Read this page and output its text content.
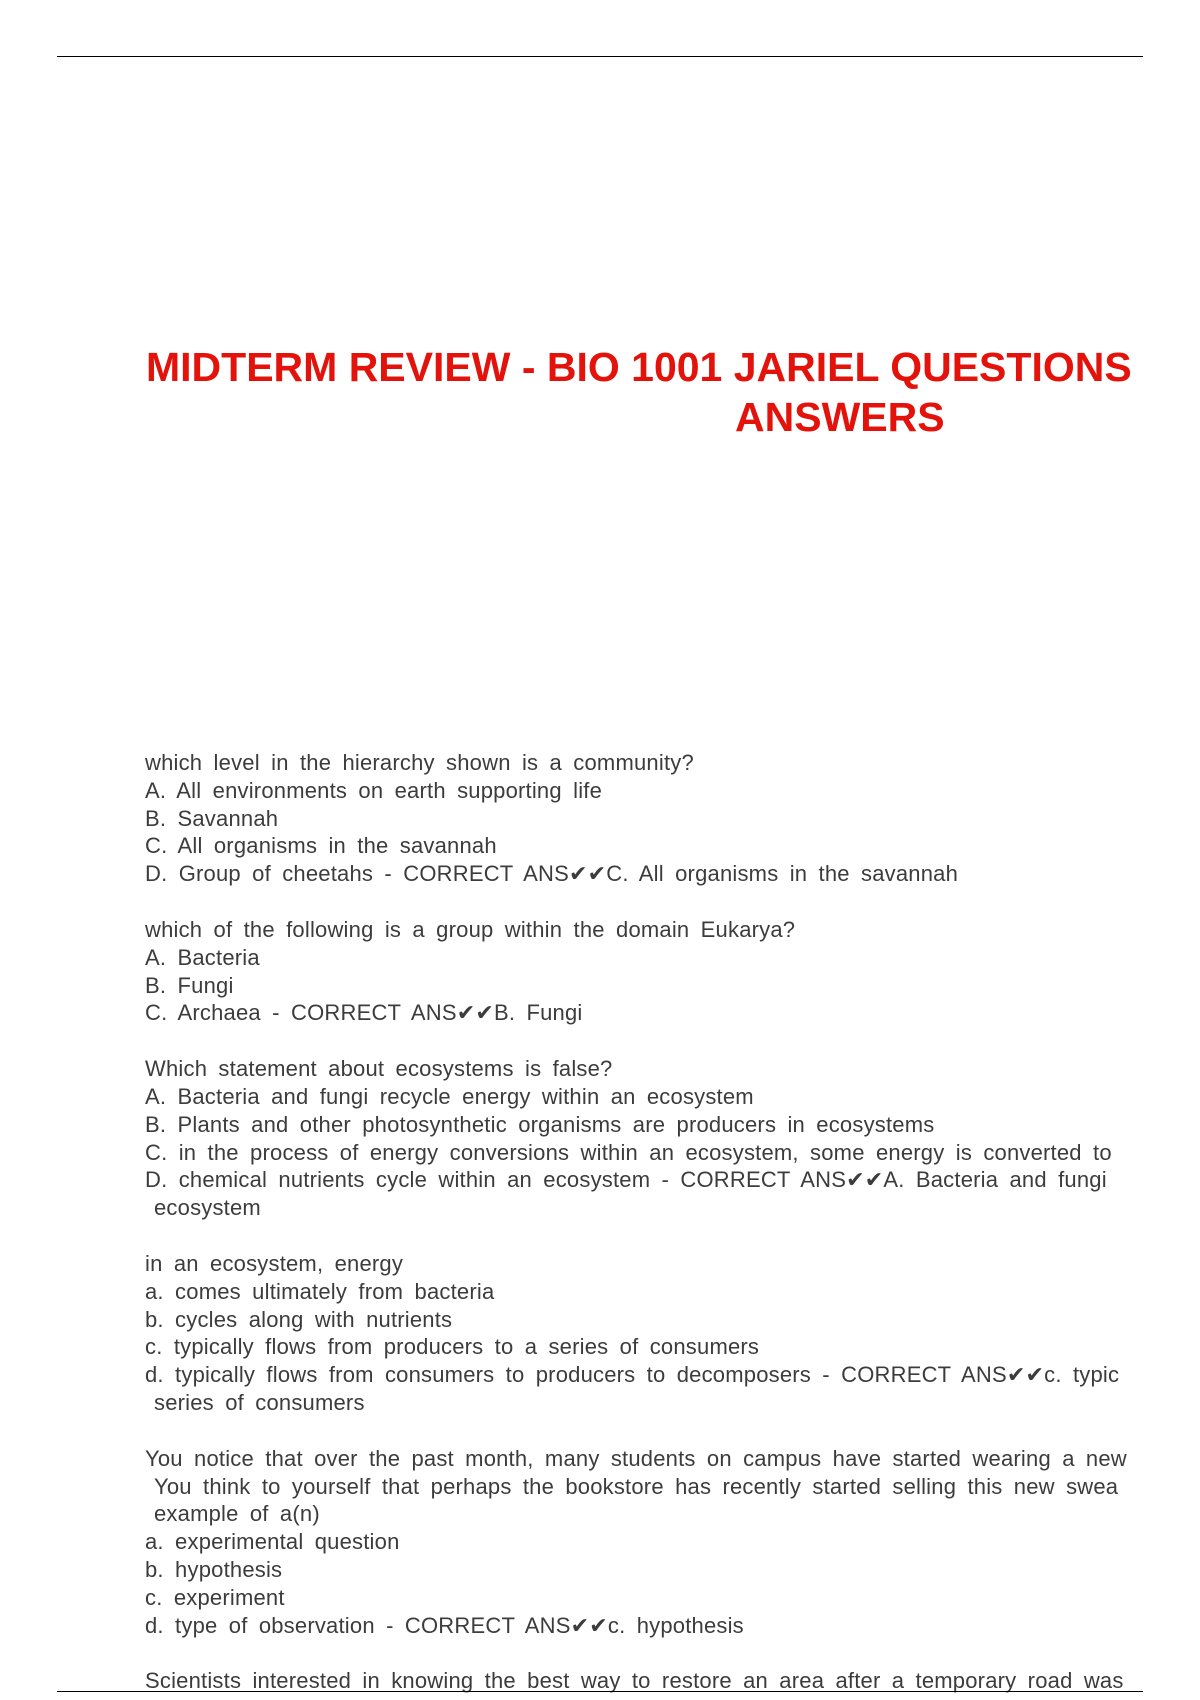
MIDTERM REVIEW - BIO 1001 JARIEL QUESTIONS
ANSWERS
which level in the hierarchy shown is a community?
A. All environments on earth supporting life
B. Savannah
C. All organisms in the savannah
D. Group of cheetahs - CORRECT ANS✔✔C. All organisms in the savannah
which of the following is a group within the domain Eukarya?
A. Bacteria
B. Fungi
C. Archaea - CORRECT ANS✔✔B. Fungi
Which statement about ecosystems is false?
A. Bacteria and fungi recycle energy within an ecosystem
B. Plants and other photosynthetic organisms are producers in ecosystems
C. in the process of energy conversions within an ecosystem, some energy is converted to
D. chemical nutrients cycle within an ecosystem - CORRECT ANS✔✔A. Bacteria and fungi
ecosystem
in an ecosystem, energy
a. comes ultimately from bacteria
b. cycles along with nutrients
c. typically flows from producers to a series of consumers
d. typically flows from consumers to producers to decomposers - CORRECT ANS✔✔c. typic
series of consumers
You notice that over the past month, many students on campus have started wearing a new
You think to yourself that perhaps the bookstore has recently started selling this new swea
example of a(n)
a. experimental question
b. hypothesis
c. experiment
d. type of observation - CORRECT ANS✔✔c. hypothesis
Scientists interested in knowing the best way to restore an area after a temporary road was
